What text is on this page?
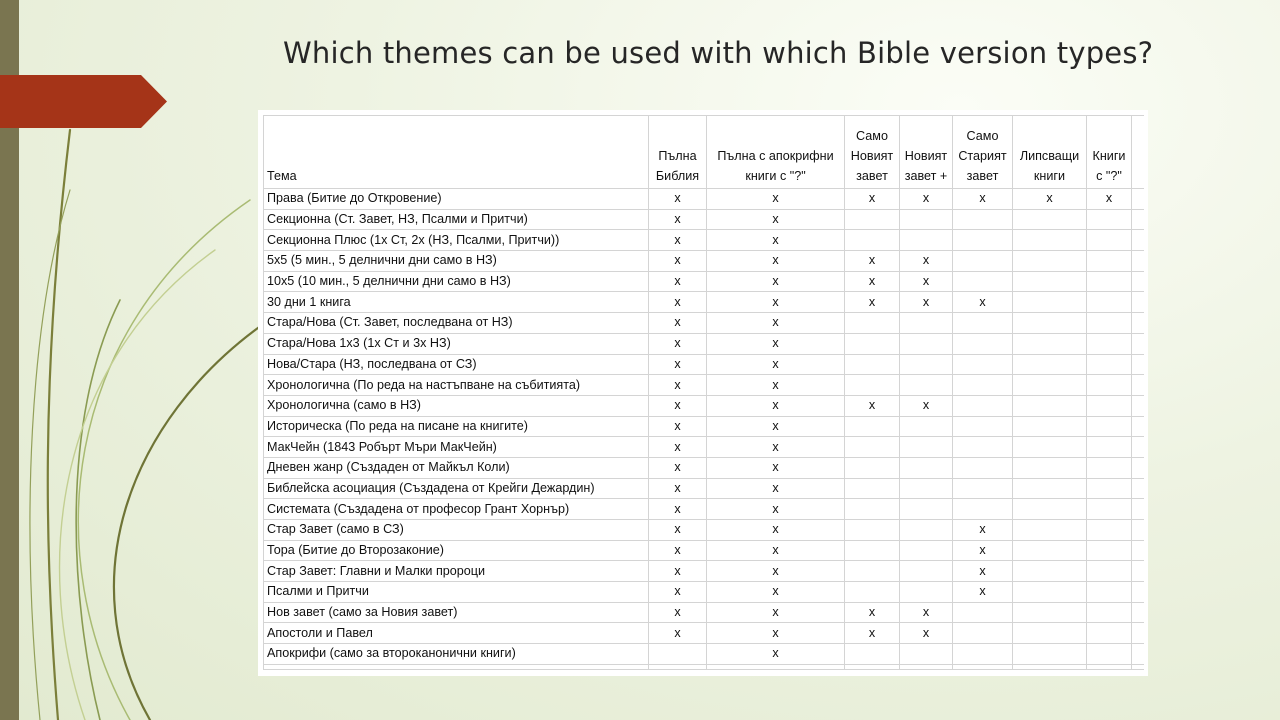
Which themes can be used with which Bible version types?
Тема	Пълна Библия	Пълна с апокрифни книги с "?"	Само Новият завет	Новият завет +	Само Старият завет	Липсващи книги	Книги с "?"	
Права (Битие до Откровение)	x	x	x	x	x	x	x	
Секционна (Ст. Завет, НЗ, Псалми и Притчи)	x	x						
Секционна Плюс (1х Ст, 2х (НЗ, Псалми, Притчи))	x	x						
5x5 (5 мин., 5 делнични дни само в НЗ)	x	x	x	x				
10x5 (10 мин., 5 делнични дни само в НЗ)	x	x	x	x				
30 дни 1 книга	x	x	x	x	x			
Стара/Нова (Ст. Завет, последвана от НЗ)	x	x						
Стара/Нова 1х3 (1х Ст и 3х НЗ)	x	x						
Нова/Стара (НЗ, последвана от СЗ)	x	x						
Хронологична (По реда на настъпване на събитията)	x	x						
Хронологична (само в НЗ)	x	x	x	x				
Историческа (По реда на писане на книгите)	x	x						
МакЧейн (1843 Робърт Мъри МакЧейн)	x	x						
Дневен жанр (Създаден от Майкъл Коли)	x	x						
Библейска асоциация (Създадена от Крейги Дежардин)	x	x						
Системата (Създадена от професор Грант Хорнър)	x	x						
Стар Завет (само в СЗ)	x	x			x			
Тора (Битие до Второзаконие)	x	x			x			
Стар Завет: Главни и Малки пророци	x	x			x			
Псалми и Притчи	x	x			x			
Нов завет (само за Новия завет)	x	x	x	x				
Апостоли и Павел	x	x	x	x				
Апокрифи (само за второканонични книги)		x						
